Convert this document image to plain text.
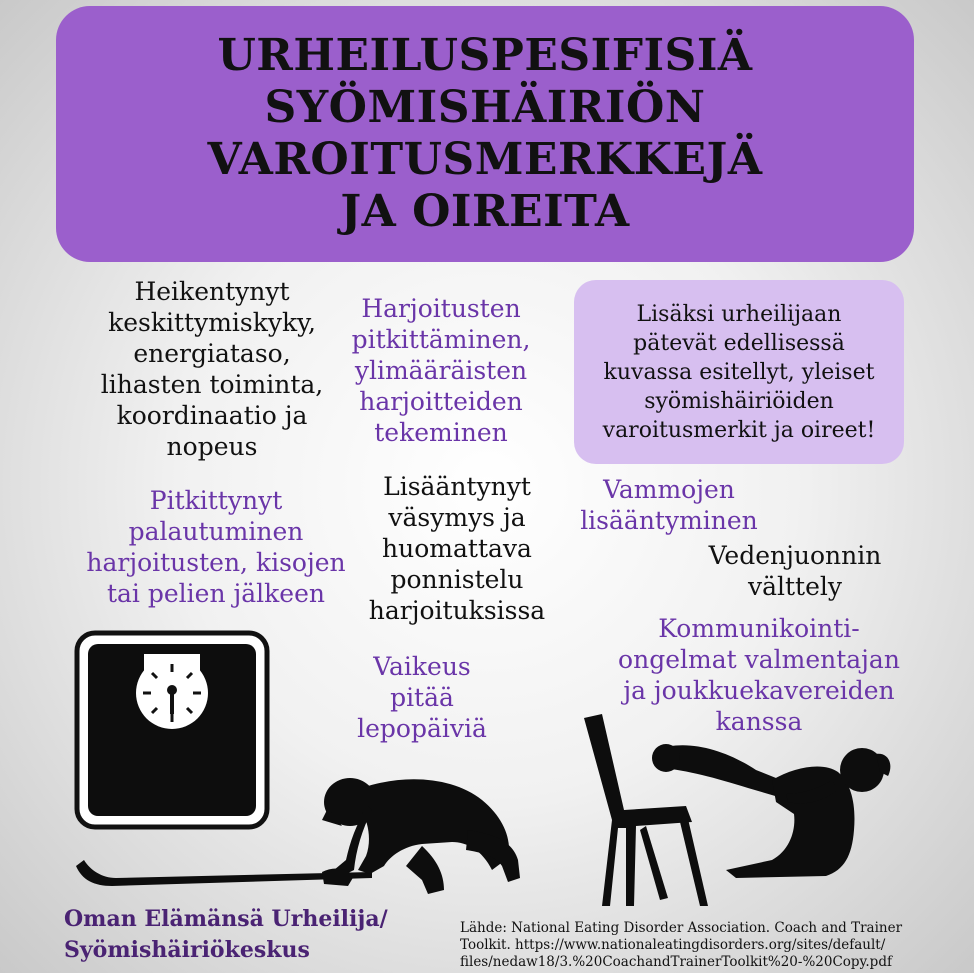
URHEILUSPESIFISIÄ
SYÖMISHÄIRIÖN
VAROITUSMERKKEJÄ
JA OIREITA
Heikentynyt
keskittymiskyky,
energiataso,
lihasten toiminta,
koordinaatio ja
nopeus
Harjoitusten
pitkittäminen,
ylimääräisten
harjoitteiden
tekeminen
Lisäksi urheilijaan
pätevät edellisessä
kuvassa esitellyt, yleiset
syömishäiriöiden
varoitusmerkit ja oireet!
Pitkittynyt
palautuminen
harjoitusten, kisojen
tai pelien jälkeen
Lisääntynyt
väsymys ja
huomattava
ponnistelu
harjoituksissa
Vammojen
lisääntyminen
Vedenjuonnin
välttely
Kommunikointi-
ongelmat valmentajan
ja joukkuekavereiden
kanssa
Vaikeus
pitää
lepopäiviä
Oman Elämänsä Urheilija/
Syömishäiriökeskus
Lähde: National Eating Disorder Association. Coach and Trainer
Toolkit. https://www.nationaleatingdisorders.org/sites/default/
files/nedaw18/3.%20CoachandTrainerToolkit%20-%20Copy.pdf
